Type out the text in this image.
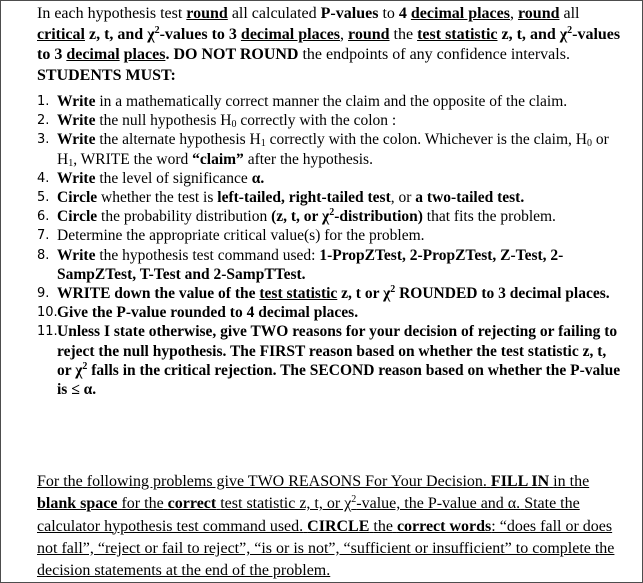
In each hypothesis test round all calculated P-values to 4 decimal places, round all critical z, t, and $\chi^2$-values to 3 decimal places, round the test statistic z, t, and $\chi^2$-values to 3 decimal places. DO NOT ROUND the endpoints of any confidence intervals. STUDENTS MUST:

1. Write in a mathematically correct manner the claim and the opposite of the claim.
2. Write the null hypothesis $H_0$ correctly with the colon :
3. Write the alternate hypothesis $H_1$ correctly with the colon. Whichever is the claim, $H_0$ or $H_1$, WRITE the word “claim” after the hypothesis.
4. Write the level of significance α.
5. Circle whether the test is left-tailed, right-tailed test, or a two-tailed test.
6. Circle the probability distribution (z, t, or $\chi^2-distribution$) that fits the problem.
7. Determine the appropriate critical value(s) for the problem.
8. Write the hypothesis test command used: 1-PropZTest, 2-PropZTest, Z-Test, 2-SampZTest, T-Test and 2-SampTTest.
9. WRITE down the value of the test statistic z, t or $\chi^2$ ROUNDED to 3 decimal places.
10. Give the P-value rounded to 4 decimal places.
11. Unless I state otherwise, give TWO reasons for your decision of rejecting or failing to reject the null hypothesis. The FIRST reason based on whether the test statistic z, t, or $\chi^2$ falls in the critical rejection. The SECOND reason based on whether the P-value is ≤ α.

For the following problems give TWO REASONS For Your Decision. FILL IN in the blank space for the correct test statistic z, t, or $\chi^2$-value, the P-value and α. State the calculator hypothesis test command used. CIRCLE the correct words: “does fall or does not fall”, “reject or fail to reject”, “is or is not”, “sufficient or insufficient” to complete the decision statements at the end of the problem.
